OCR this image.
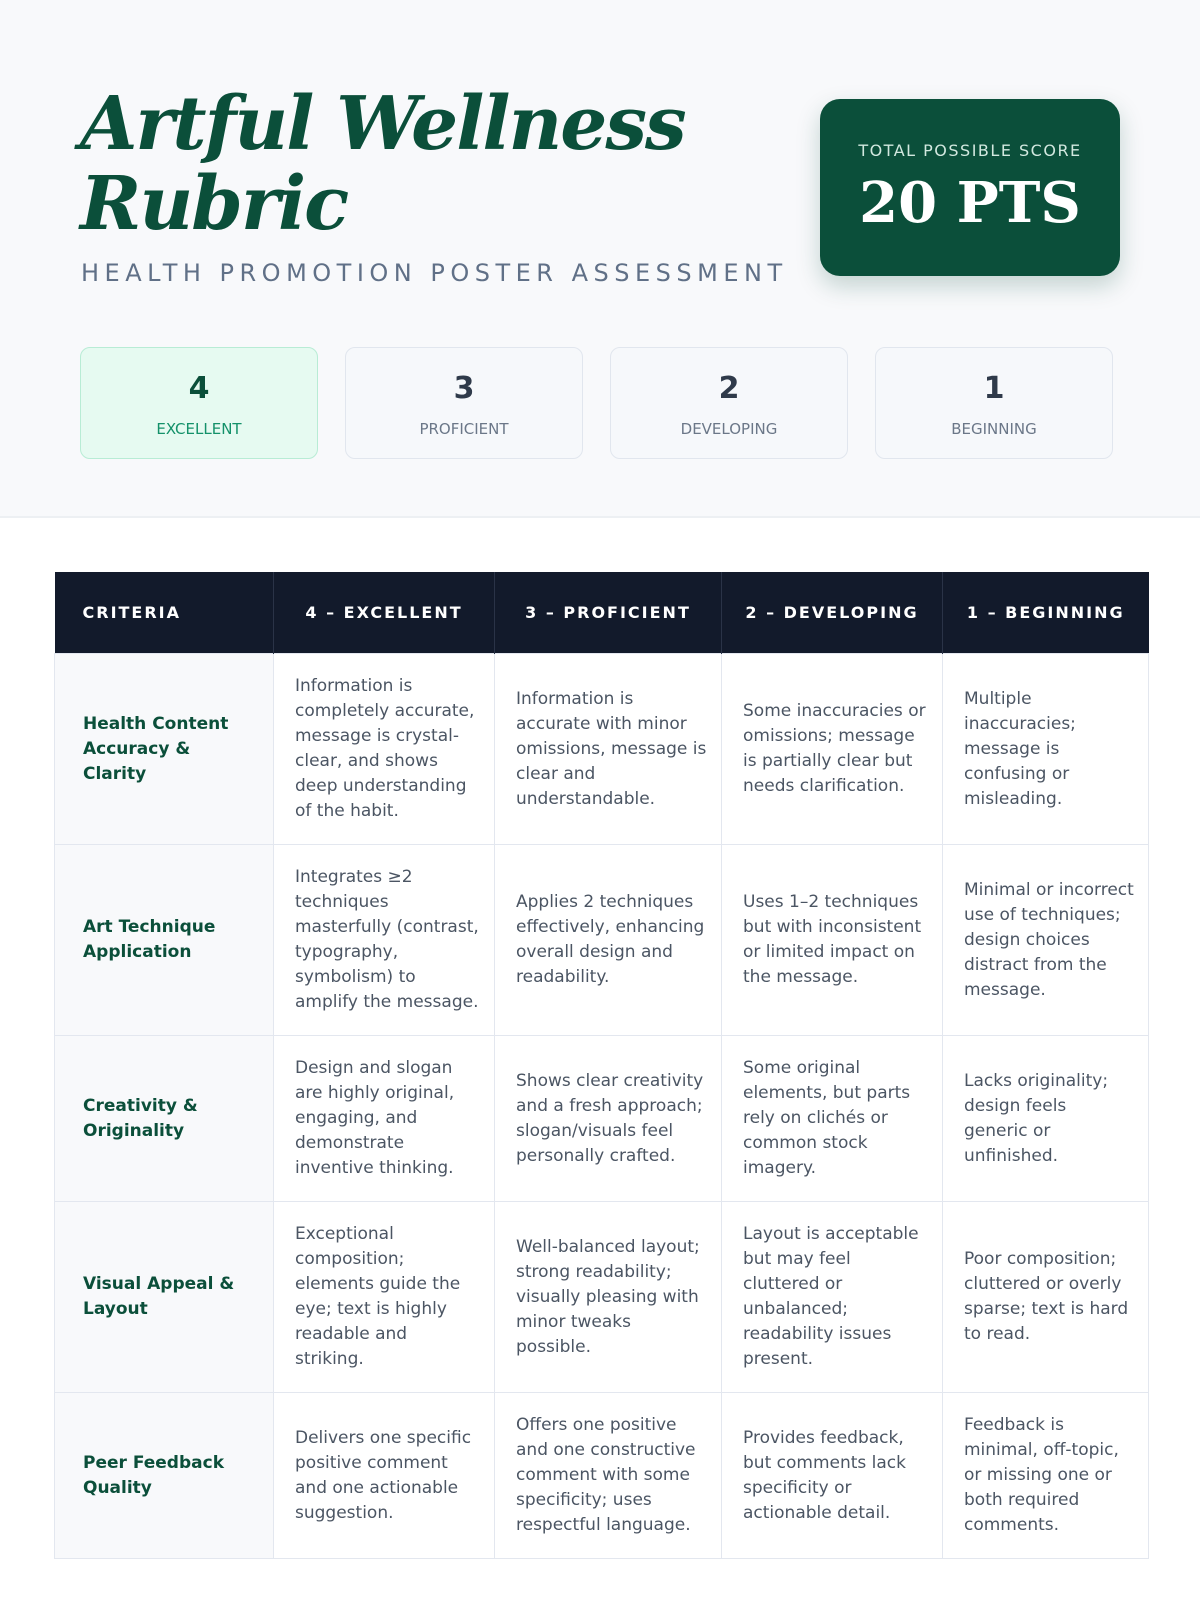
Artful Wellness Rubric
HEALTH PROMOTION POSTER ASSESSMENT
TOTAL POSSIBLE SCORE
20 PTS
4
EXCELLENT
3
PROFICIENT
2
DEVELOPING
1
BEGINNING
CRITERIA	4 – EXCELLENT	3 – PROFICIENT	2 – DEVELOPING	1 – BEGINNING
Health Content Accuracy & Clarity	Information is completely accurate, message is crystal-clear, and shows deep understanding of the habit.	Information is accurate with minor omissions, message is clear and understandable.	Some inaccuracies or omissions; message is partially clear but needs clarification.	Multiple inaccuracies; message is confusing or misleading.
Art Technique Application	Integrates ≥2 techniques masterfully (contrast, typography, symbolism) to amplify the message.	Applies 2 techniques effectively, enhancing overall design and readability.	Uses 1–2 techniques but with inconsistent or limited impact on the message.	Minimal or incorrect use of techniques; design choices distract from the message.
Creativity & Originality	Design and slogan are highly original, engaging, and demonstrate inventive thinking.	Shows clear creativity and a fresh approach; slogan/visuals feel personally crafted.	Some original elements, but parts rely on clichés or common stock imagery.	Lacks originality; design feels generic or unfinished.
Visual Appeal & Layout	Exceptional composition; elements guide the eye; text is highly readable and striking.	Well-balanced layout; strong readability; visually pleasing with minor tweaks possible.	Layout is acceptable but may feel cluttered or unbalanced; readability issues present.	Poor composition; cluttered or overly sparse; text is hard to read.
Peer Feedback Quality	Delivers one specific positive comment and one actionable suggestion.	Offers one positive and one constructive comment with some specificity; uses respectful language.	Provides feedback, but comments lack specificity or actionable detail.	Feedback is minimal, off-topic, or missing one or both required comments.
